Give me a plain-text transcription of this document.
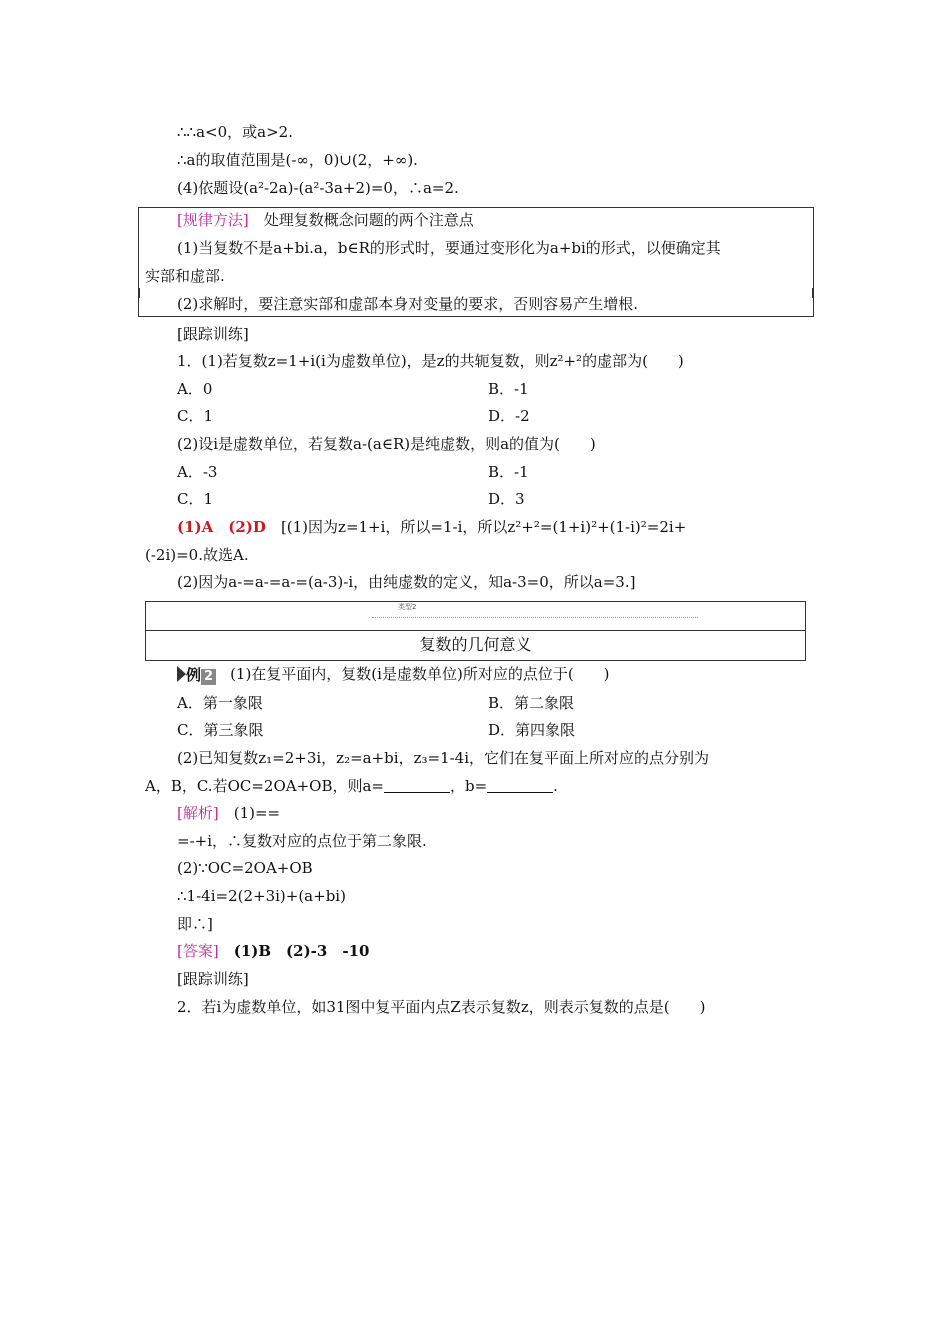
∴∴a<0，或a>2.
∴a的取值范围是(-∞，0)∪(2，+∞).
(4)依题设(a²-2a)-(a²-3a+2)=0，∴a=2.
[规律方法]　 处理复数概念问题的两个注意点
(1)当复数不是a+bi.a，b∈R的形式时，要通过变形化为a+bi的形式，以便确定其
实部和虚部.
(2)求解时，要注意实部和虚部本身对变量的要求，否则容易产生增根.
[跟踪训练]
1．(1)若复数z=1+i(i为虚数单位)，是z的共轭复数，则z²+²的虚部为(　　)
A．0	B．-1
C．1	D．-2
(2)设i是虚数单位，若复数a-(a∈R)是纯虚数，则a的值为(　　)
A．-3	B．-1
C．1	D．3
(1)A　(2)D　 [(1)因为z=1+i，所以=1-i，所以z²+²=(1+i)²+(1-i)²=2i+
(-2i)=0.故选A.
(2)因为a-=a-=a-=(a-3)-i，由纯虚数的定义，知a-3=0，所以a=3.]
类型2
复数的几何意义
例 2 (1)在复平面内，复数(i是虚数单位)所对应的点位于(　　)
A．第一象限	B．第二象限
C．第三象限	D．第四象限
(2)已知复数z₁=2+3i，z₂=a+bi，z₃=1-4i，它们在复平面上所对应的点分别为
A，B，C.若OC=2OA+OB，则a=	，b=	.
[解析]　 (1)==
=-+i，∴复数对应的点位于第二象限.
(2)∵OC=2OA+OB
∴1-4i=2(2+3i)+(a+bi)
即∴]
[答案]　 (1)B　(2)-3　-10
[跟踪训练]
2．若i为虚数单位，如31图中复平面内点Z表示复数z，则表示复数的点是(　　)
